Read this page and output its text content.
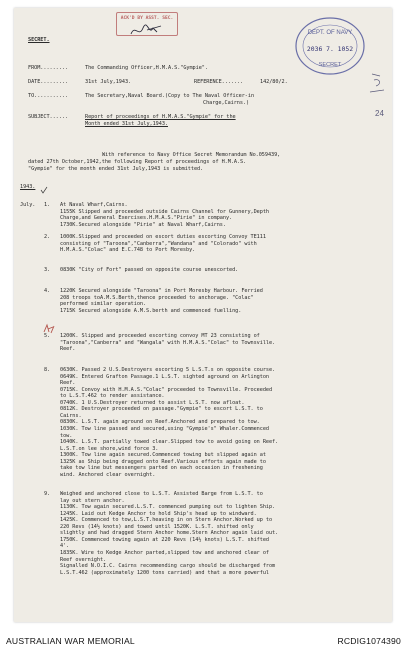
ACK'D BY ASST. SEC.
DEPT. OF NAVY
2036 7. 1052
SECRET
24
SECRET.
FROM.........	The Commanding Officer,H.M.A.S."Gympie".
DATE.........	31st July,1943.	REFERENCE.......	142/80/2.
TO...........	The Secretary,Naval Board.(Copy to The Naval Officer-in
Charge,Cairns.)
SUBJECT......	Report of proceedings of H.M.A.S."Gympie" for the
Month ended 31st July,1943.
With reference to Navy Office Secret Memorandum No.059439,
dated 27th October,1942,the following Report of proceedings of H.M.A.S.
"Gympie" for the month ended 31st July,1943 is submitted.
1943.
July. 1. At Naval Wharf,Cairns.
1155K Slipped and proceeded outside Cairns Channel for Gunnery,Depth
Charge,and General Exercises.H.M.A.S."Pirie" in company.
1730K.Secured alongside "Pirie" at Naval Wharf,Cairns.
2. 1000K.Slipped and proceeded on escort duties escorting Convoy TE111
consisting of "Taroona","Canberra","Wandana" and "Colorado" with
H.M.A.S."Colac" and E.C.748 to Port Moresby.
3. 0830K "City of Fort" passed on opposite course unescorted.
4. 1220K Secured alongside "Taroona" in Port Moresby Harbour. Ferried
208 troops toA.M.S.Berth,thence proceeded to anchorage. "Colac"
performed similar operation.
1715K Secured alongside A.M.S.berth and commenced fuelling.
5. 1200K. Slipped and proceeded escorting convoy MT 23 consisting of
"Taroona","Canberra" and "Wangala" with H.M.A.S."Colac" to Townsville.
Reef.
8. 0630K. Passed 2 U.S.Destroyers escorting 5 L.S.T.s on opposite course.
0649K. Entered Grafton Passage.1 L.S.T. sighted aground on Arlington
Reef.
0715K. Convoy with H.M.A.S."Colac" proceeded to Townsville. Proceeded
to L.S.T.462 to render assistance.
0740K. 1 U.S.Destroyer returned to assist L.S.T. now afloat.
0812K. Destroyer proceeded on passage."Gympie" to escort L.S.T. to
Cairns.
0830K. L.S.T. again aground on Reef.Anchored and prepared to tow.
1030K. Tow line passed and secured,using "Gympie's" Whaler.Commenced
tow.
1040K. L.S.T. partially towed clear.Slipped tow to avoid going on Reef.
L.S.T.on lee shore,wind force 3.
1300K. Tow line again secured.Commenced towing but slipped again at
1325K as Ship being dragged onto Reef.Various efforts again made to
take tow line but messengers parted on each occasion in freshening
wind. Anchored clear overnight.
9. Weighed and anchored close to L.S.T. Assisted Barge from L.S.T. to
lay out stern anchor.
1130K. Tow again secured.L.S.T. commenced pumping out to lighten Ship.
1245K. Laid out Kedge Anchor to hold Ship's head up to windward.
1425K. Commenced to tow,L.S.T.heaving in on Stern Anchor.Worked up to
220 Revs (14½ knots) and towed until 1520K. L.S.T. shifted only
slightly and had dragged Stern Anchor home.Stern Anchor again laid out.
1750K. Commenced towing again at 220 Revs (14½ knots) L.S.T. shifted
4'.
1835K. Wire to Kedge Anchor parted,slipped tow and anchored clear of
Reef overnight.
Signalled N.O.I.C. Cairns recommending cargo should be discharged from
L.S.T.462 (approximately 1200 tons carried) and that a more powerful
AUSTRALIAN WAR MEMORIAL	RCDIG1074390
